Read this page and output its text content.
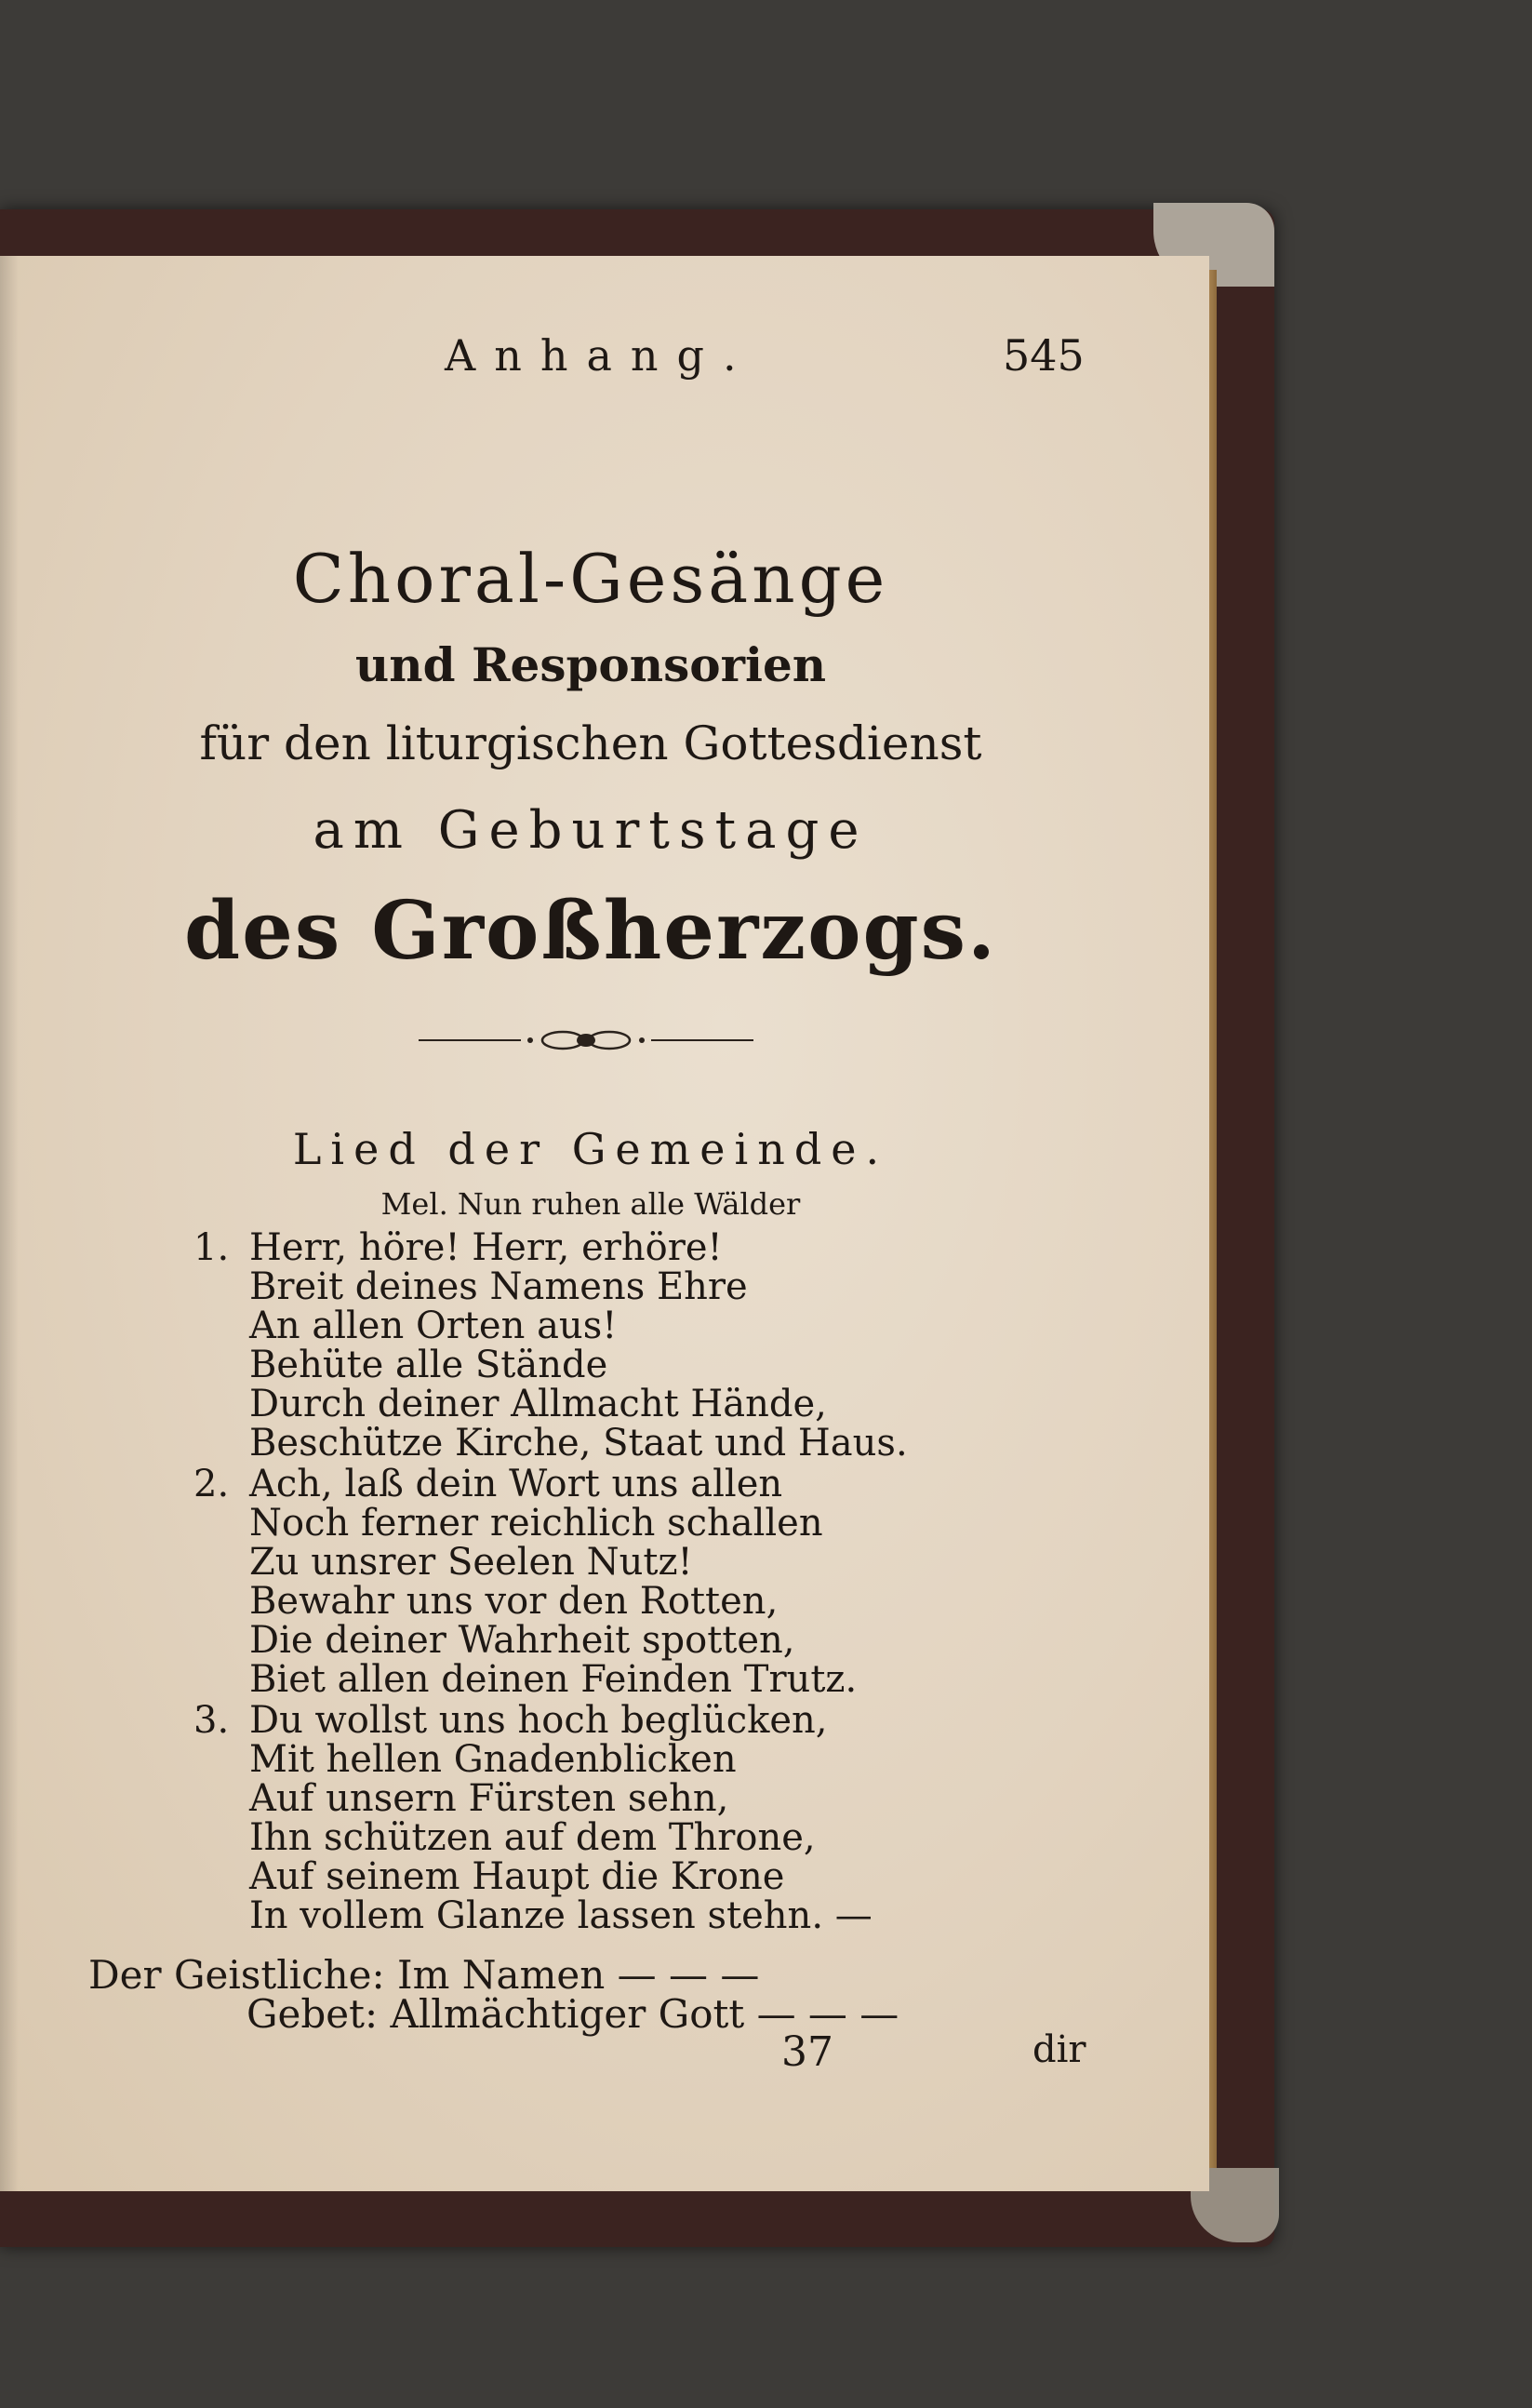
Anhang.	545
Choral-Gesänge
und Responsorien
für den liturgischen Gottesdienst
am Geburtstage
des Großherzogs.
Lied der Gemeinde.
Mel. Nun ruhen alle Wälder
1. Herr, höre! Herr, erhöre!
Breit deines Namens Ehre
An allen Orten aus!
Behüte alle Stände
Durch deiner Allmacht Hände,
Beschütze Kirche, Staat und Haus.
2. Ach, laß dein Wort uns allen
Noch ferner reichlich schallen
Zu unsrer Seelen Nutz!
Bewahr uns vor den Rotten,
Die deiner Wahrheit spotten,
Biet allen deinen Feinden Trutz.
3. Du wollst uns hoch beglücken,
Mit hellen Gnadenblicken
Auf unsern Fürsten sehn,
Ihn schützen auf dem Throne,
Auf seinem Haupt die Krone
In vollem Glanze lassen stehn. —
Der Geistliche: Im Namen — — —
Gebet: Allmächtiger Gott — — —
37	dir
